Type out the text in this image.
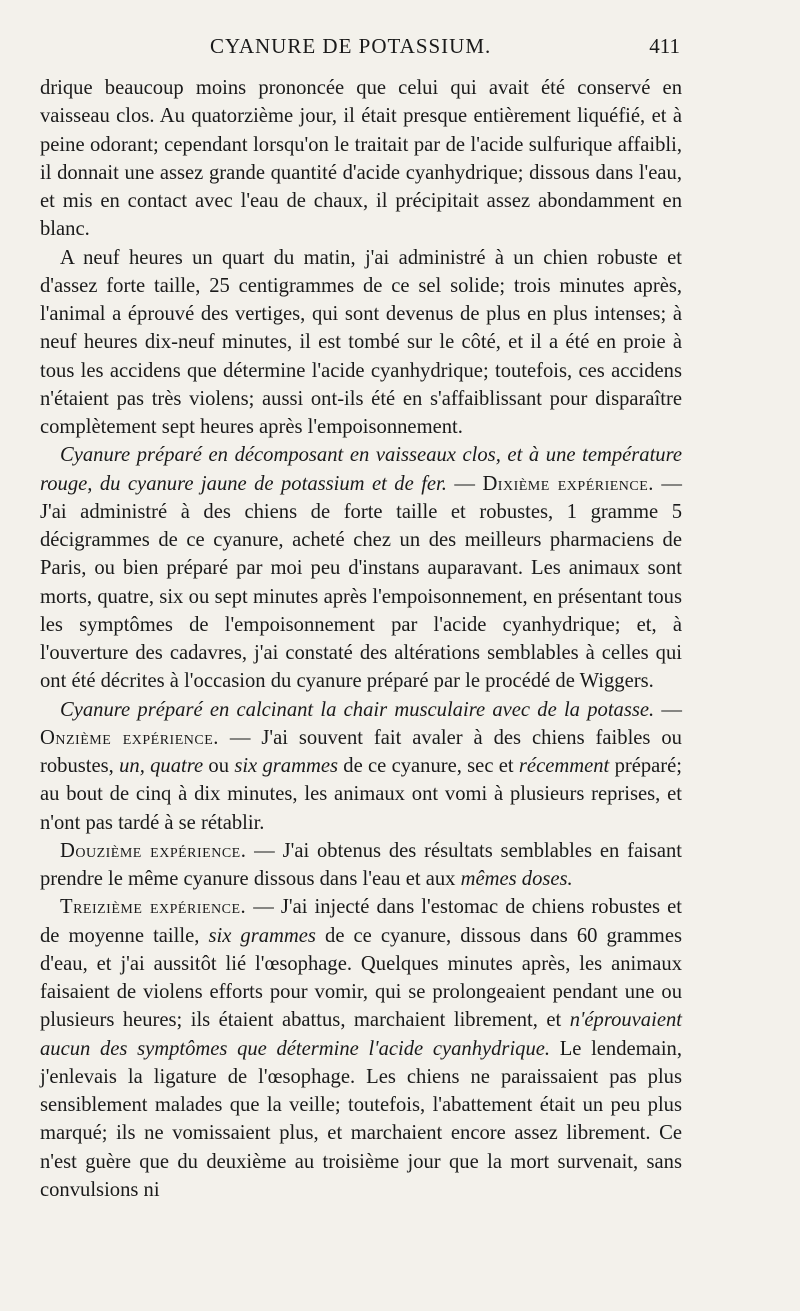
CYANURE DE POTASSIUM.	411

drique beaucoup moins prononcée que celui qui avait été conservé en vaisseau clos. Au quatorzième jour, il était presque entièrement liquéfié, et à peine odorant; cependant lorsqu'on le traitait par de l'acide sulfurique affaibli, il donnait une assez grande quantité d'acide cyanhydrique; dissous dans l'eau, et mis en contact avec l'eau de chaux, il précipitait assez abondamment en blanc.

A neuf heures un quart du matin, j'ai administré à un chien robuste et d'assez forte taille, 25 centigrammes de ce sel solide; trois minutes après, l'animal a éprouvé des vertiges, qui sont devenus de plus en plus intenses; à neuf heures dix-neuf minutes, il est tombé sur le côté, et il a été en proie à tous les accidens que détermine l'acide cyanhydrique; toutefois, ces accidens n'étaient pas très violens; aussi ont-ils été en s'affaiblissant pour disparaître complètement sept heures après l'empoisonnement.

Cyanure préparé en décomposant en vaisseaux clos, et à une température rouge, du cyanure jaune de potassium et de fer. — Dixième expérience. — J'ai administré à des chiens de forte taille et robustes, 1 gramme 5 décigrammes de ce cyanure, acheté chez un des meilleurs pharmaciens de Paris, ou bien préparé par moi peu d'instans auparavant. Les animaux sont morts, quatre, six ou sept minutes après l'empoisonnement, en présentant tous les symptômes de l'empoisonnement par l'acide cyanhydrique; et, à l'ouverture des cadavres, j'ai constaté des altérations semblables à celles qui ont été décrites à l'occasion du cyanure préparé par le procédé de Wiggers.

Cyanure préparé en calcinant la chair musculaire avec de la potasse. — Onzième expérience. — J'ai souvent fait avaler à des chiens faibles ou robustes, un, quatre ou six grammes de ce cyanure, sec et récemment préparé; au bout de cinq à dix minutes, les animaux ont vomi à plusieurs reprises, et n'ont pas tardé à se rétablir.

Douzième expérience. — J'ai obtenus des résultats semblables en faisant prendre le même cyanure dissous dans l'eau et aux mêmes doses.

Treizième expérience. — J'ai injecté dans l'estomac de chiens robustes et de moyenne taille, six grammes de ce cyanure, dissous dans 60 grammes d'eau, et j'ai aussitôt lié l'œsophage. Quelques minutes après, les animaux faisaient de violens efforts pour vomir, qui se prolongeaient pendant une ou plusieurs heures; ils étaient abattus, marchaient librement, et n'éprouvaient aucun des symptômes que détermine l'acide cyanhydrique. Le lendemain, j'enlevais la ligature de l'œsophage. Les chiens ne paraissaient pas plus sensiblement malades que la veille; toutefois, l'abattement était un peu plus marqué; ils ne vomissaient plus, et marchaient encore assez librement. Ce n'est guère que du deuxième au troisième jour que la mort survenait, sans convulsions ni
